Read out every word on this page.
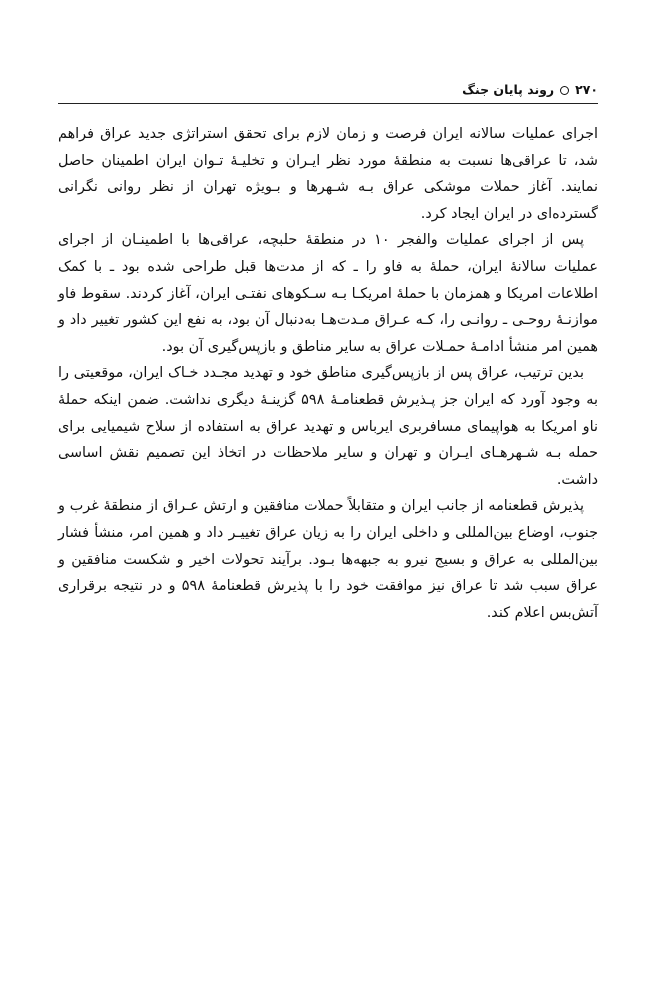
۲۷۰
روند پایان جنگ

اجرای عملیات سالانه ایران فرصت و زمان لازم برای تحقق استراتژی جدید عراق فراهم شد، تا عراقی‌ها نسبت به منطقهٔ مورد نظر ایـران و تخلیـهٔ تـوان ایران اطمینان حاصل نمایند. آغاز حملات موشکی عراق بـه شـهرها و بـویژه تهران از نظر روانی نگرانی گسترده‌ای در ایران ایجاد کرد.

پس از اجرای عملیات والفجر ۱۰ در منطقهٔ حلبچه، عراقی‌ها با اطمینـان از اجرای عملیات سالانهٔ ایران، حملهٔ به فاو را ـ که از مدت‌ها قبل طراحی شده بود ـ با کمک اطلاعات امریکا و همزمان با حملهٔ امریکـا بـه سـکوهای نفتـی ایران، آغاز کردند. سقوط فاو موازنـهٔ روحـی ـ روانـی را، کـه عـراق مـدت‌هـا به‌دنبال آن بود، به نفع این کشور تغییر داد و همین امر منشأ ادامـهٔ حمـلات عراق به سایر مناطق و بازپس‌گیری آن بود.

بدین ترتیب، عراق پس از بازپس‌گیری مناطق خود و تهدید مجـدد خـاک ایران، موقعیتی را به وجود آورد که ایران جز پـذیرش قطعنامـهٔ ۵۹۸ گزینـهٔ دیگری نداشت. ضمن اینکه حملهٔ ناو امریکا به هواپیمای مسافربری ایرباس و تهدید عراق به استفاده از سلاح شیمیایی برای حمله بـه شـهرهـای ایـران و تهران و سایر ملاحظات در اتخاذ این تصمیم نقش اساسی داشت.

پذیرش قطعنامه از جانب ایران و متقابلاً حملات منافقین و ارتش عـراق از منطقهٔ غرب و جنوب، اوضاع بین‌المللی و داخلی ایران را به زیان عراق تغییـر داد و همین امر، منشأ فشار بین‌المللی به عراق و بسیج نیرو به جبهه‌ها بـود. برآیند تحولات اخیر و شکست منافقین و عراق سبب شد تا عراق نیز موافقت خود را با پذیرش قطعنامهٔ ۵۹۸ و در نتیجه برقراری آتش‌بس اعلام کند.
